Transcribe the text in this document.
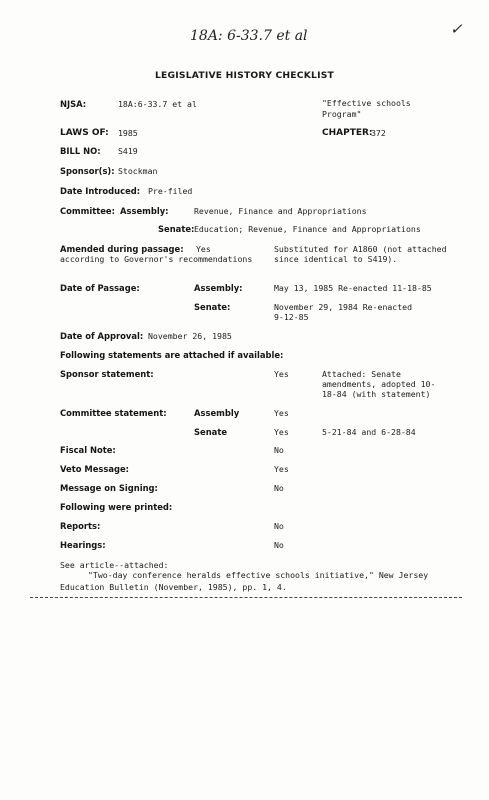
18A: 6-33.7 et al	✓
LEGISLATIVE HISTORY CHECKLIST
NJSA:	18A:6-33.7 et al	"Effective schools
Program"
LAWS OF: 1985	CHAPTER:
372
BILL NO: S419
Sponsor(s): Stockman
Date Introduced: Pre-filed
Committee: Assembly:	Revenue, Finance and Appropriations
Senate: Education; Revenue, Finance and Appropriations
Amended during passage: Yes
according to Governor's recommendations
Substituted for A1860 (not attached
since identical to S419).
Date of Passage:	Assembly:	May 13, 1985 Re-enacted 11-18-85
Senate:	November 29, 1984 Re-enacted
9-12-85
Date of Approval: November 26, 1985
Following statements are attached if available:
Sponsor statement:	Yes	Attached: Senate
amendments, adopted 10-
18-84 (with statement)
Committee statement:	Assembly	Yes
Senate	Yes	5-21-84 and 6-28-84
Fiscal Note:	No
Veto Message:	Yes
Message on Signing:	No
Following were printed:
Reports:	No
Hearings:	No
See article--attached:
"Two-day conference heralds effective schools initiative," New Jersey
Education Bulletin (November, 1985), pp. 1, 4.
